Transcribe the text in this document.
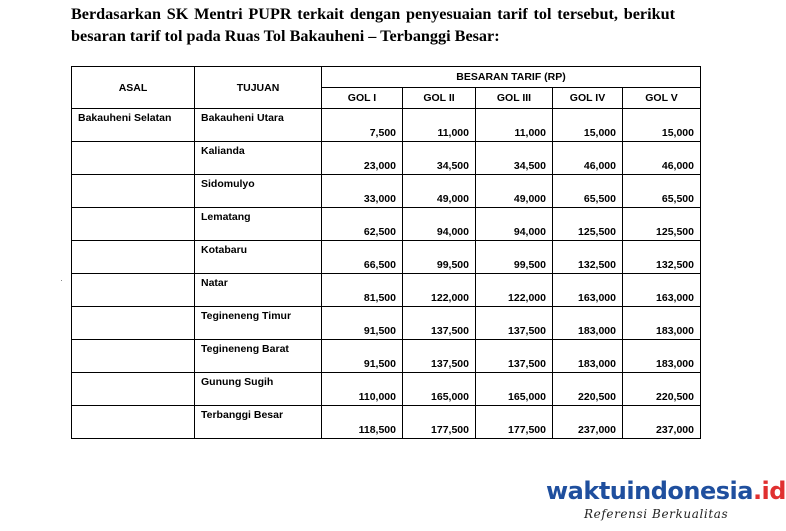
Berdasarkan SK Mentri PUPR terkait dengan penyesuaian tarif tol tersebut, berikut

besaran tarif tol pada Ruas Tol Bakauheni – Terbanggi Besar:

ASAL	TUJUAN	BESARAN TARIF (RP)				
		GOL I	GOL II	GOL III	GOL IV	GOL V
Bakauheni Selatan	Bakauheni Utara	7,500	11,000	11,000	15,000	15,000
	Kalianda	23,000	34,500	34,500	46,000	46,000
	Sidomulyo	33,000	49,000	49,000	65,500	65,500
	Lematang	62,500	94,000	94,000	125,500	125,500
	Kotabaru	66,500	99,500	99,500	132,500	132,500
	Natar	81,500	122,000	122,000	163,000	163,000
	Tegineneng Timur	91,500	137,500	137,500	183,000	183,000
	Tegineneng Barat	91,500	137,500	137,500	183,000	183,000
	Gunung Sugih	110,000	165,000	165,000	220,500	220,500
	Terbanggi Besar	118,500	177,500	177,500	237,000	237,000
waktuindonesia.id
Referensi Berkualitas
